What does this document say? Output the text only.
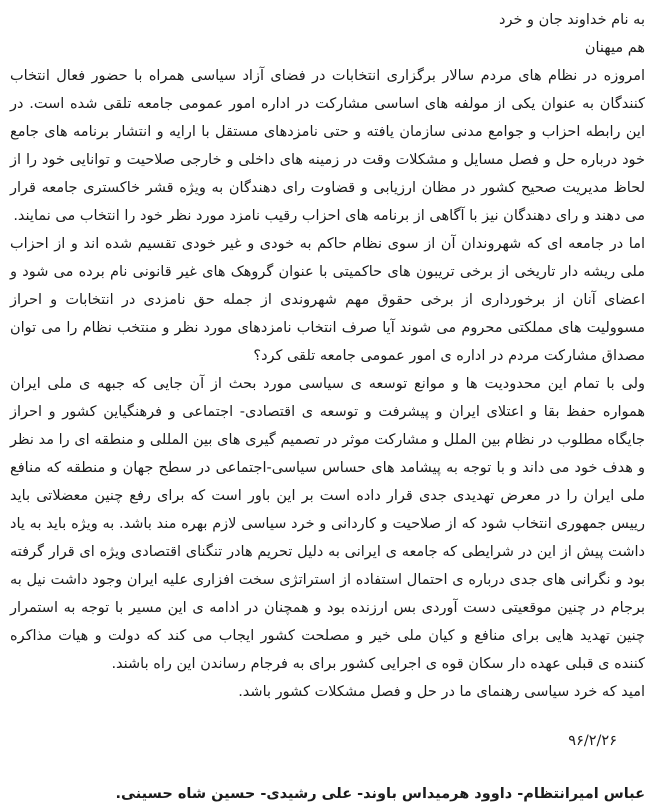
به نام خداوند جان و خرد

هم میهنان

امروزه در نظام های مردم سالار برگزاری انتخابات در فضای آزاد سیاسی همراه با حضور فعال انتخاب کنندگان به عنوان یکی از مولفه های اساسی مشارکت در اداره امور عمومی جامعه تلقی شده است. در این رابطه احزاب و جوامع مدنی سازمان یافته و حتی نامزدهای مستقل با ارایه و انتشار برنامه های جامع خود درباره حل و فصل مسایل و مشکلات وقت در زمینه های داخلی و خارجی صلاحیت و توانایی خود را از لحاظ مدیریت صحیح کشور در مظان ارزیابی و قضاوت رای دهندگان به ویژه قشر خاکستری جامعه قرار می دهند و رای دهندگان نیز با آگاهی از برنامه های احزاب رقیب نامزد مورد نظر خود را انتخاب می نمایند.

اما در جامعه ای که شهروندان آن از سوی نظام حاکم به خودی و غیر خودی تقسیم شده اند و از احزاب ملی ریشه دار تاریخی از برخی تریبون های حاکمیتی با عنوان گروهک های غیر قانونی نام برده می شود و اعضای آنان از برخورداری از برخی حقوق مهم شهروندی از جمله حق نامزدی در انتخابات و احراز مسوولیت های مملکتی محروم می شوند آیا صرف انتخاب نامزدهای مورد نظر و منتخب نظام را می توان مصداق مشارکت مردم در اداره ی امور عمومی جامعه تلقی کرد؟

ولی با تمام این محدودیت ها و موانع توسعه ی سیاسی مورد بحث از آن جایی که جبهه ی ملی ایران همواره حفظ بقا و اعتلای ایران و پیشرفت و توسعه ی اقتصادی- اجتماعی و فرهنگیاین کشور و احراز جایگاه مطلوب در نظام بین الملل و مشارکت موثر در تصمیم گیری های بین المللی و منطقه ای را مد نظر و هدف خود می داند و با توجه به پیشامد های حساس سیاسی-اجتماعی در سطح جهان و منطقه که منافع ملی ایران را در معرض تهدیدی جدی قرار داده است بر این باور است که برای رفع چنین معضلاتی باید رییس جمهوری انتخاب شود که از صلاحیت و کاردانی و خرد سیاسی لازم بهره مند باشد. به ویژه باید به یاد داشت پیش از این در شرایطی که جامعه ی ایرانی به دلیل تحریم هادر تنگنای اقتصادی ویژه ای قرار گرفته بود و نگرانی های جدی درباره ی احتمال استفاده از استراتژی سخت افزاری علیه ایران وجود داشت نیل به برجام در چنین موقعیتی دست آوردی بس ارزنده بود و همچنان در ادامه ی این مسیر با توجه به استمرار چنین تهدید هایی برای منافع و کیان ملی خیر و مصلحت کشور ایجاب می کند که دولت و هیات مذاکره کننده ی قبلی عهده دار سکان قوه ی اجرایی کشور برای به فرجام رساندن این راه باشند.

امید که خرد سیاسی رهنمای ما در حل و فصل مشکلات کشور باشد.

۹۶/۲/۲۶

عباس امیرانتظام- داوود هرمیداس باوند- علی رشیدی- حسین شاه حسینی.
